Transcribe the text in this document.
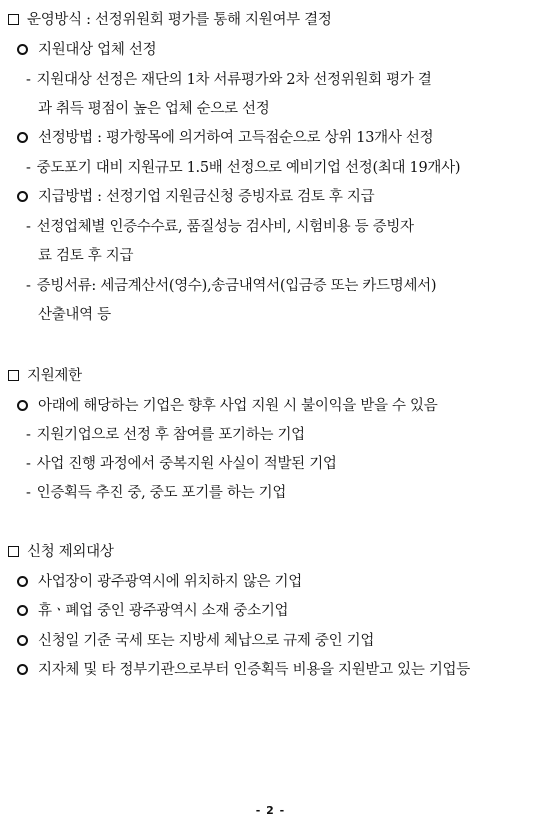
운영방식 : 선정위원회 평가를 통해 지원여부 결정
지원대상 업체 선정
- 지원대상 선정은 재단의 1차 서류평가와 2차 선정위원회 평가 결
과 취득 평점이 높은 업체 순으로 선정
선정방법 : 평가항목에 의거하여 고득점순으로 상위 13개사 선정
- 중도포기 대비 지원규모 1.5배 선정으로 예비기업 선정(최대 19개사)
지급방법 : 선정기업 지원금신청 증빙자료 검토 후 지급
- 선정업체별 인증수수료, 품질성능 검사비, 시험비용 등 증빙자
료 검토 후 지급
- 증빙서류: 세금계산서(영수),송금내역서(입금증 또는 카드명세서)
산출내역 등
지원제한
아래에 해당하는 기업은 향후 사업 지원 시 불이익을 받을 수 있음
- 지원기업으로 선정 후 참여를 포기하는 기업
- 사업 진행 과정에서 중복지원 사실이 적발된 기업
- 인증획득 추진 중, 중도 포기를 하는 기업
신청 제외대상
사업장이 광주광역시에 위치하지 않은 기업
휴ㆍ폐업 중인 광주광역시 소재 중소기업
신청일 기준 국세 또는 지방세 체납으로 규제 중인 기업
지자체 및 타 정부기관으로부터 인증획득 비용을 지원받고 있는 기업등
- 2 -
